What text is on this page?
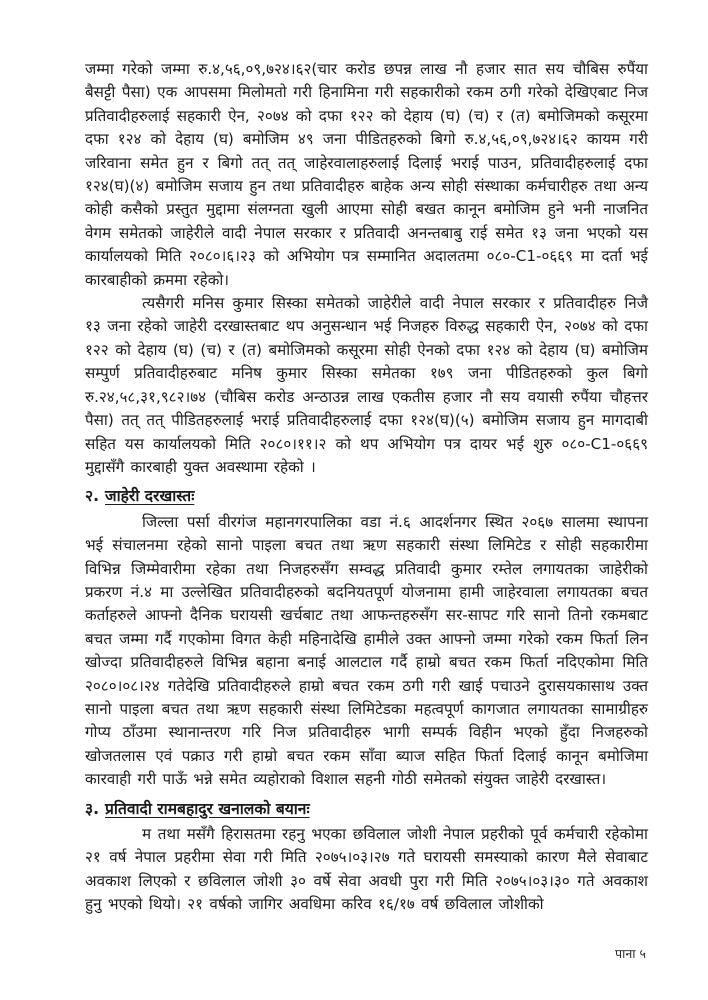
जम्मा गरेको जम्मा रु.४,५६,०९,७२४।६२(चार करोड छपन्न लाख नौ हजार सात सय चौबिस रुपैंया बैसट्टी पैसा) एक आपसमा मिलोमतो गरी हिनामिना गरी सहकारीको रकम ठगी गरेको देखिएबाट निज प्रतिवादीहरुलाई सहकारी ऐन, २०७४ को दफा १२२ को देहाय (घ) (च) र (त) बमोजिमको कसूरमा दफा १२४ को देहाय (घ) बमोजिम ४९ जना पीडितहरुको बिगो रु.४,५६,०९,७२४।६२ कायम गरी जरिवाना समेत हुन र बिगो तत् तत् जाहेरवालाहरुलाई दिलाई भराई पाउन, प्रतिवादीहरुलाई दफा १२४(घ)(४) बमोजिम सजाय हुन तथा प्रतिवादीहरु बाहेक अन्य सोही संस्थाका कर्मचारीहरु तथा अन्य कोही कसैको प्रस्तुत मुद्दामा संलग्नता खुली आएमा सोही बखत कानून बमोजिम हुने भनी नाजनित वेगम समेतको जाहेरीले वादी नेपाल सरकार र प्रतिवादी अनन्तबाबु राई समेत १३ जना भएको यस कार्यालयको मिति २०८०।६।२३ को अभियोग पत्र सम्मानित अदालतमा ०८०-C1-०६६९ मा दर्ता भई कारबाहीको क्रममा रहेको।

त्यसैगरी मनिस कुमार सिस्का समेतको जाहेरीले वादी नेपाल सरकार र प्रतिवादीहरु निजै १३ जना रहेको जाहेरी दरखास्तबाट थप अनुसन्धान भई निजहरु विरुद्ध सहकारी ऐन, २०७४ को दफा १२२ को देहाय (घ) (च) र (त) बमोजिमको कसूरमा सोही ऐनको दफा १२४ को देहाय (घ) बमोजिम सम्पुर्ण प्रतिवादीहरुबाट मनिष कुमार सिस्का समेतका १७९ जना पीडितहरुको कुल बिगो रु.२४,५८,३१,९८२।७४ (चौबिस करोड अन्ठाउन्न लाख एकतीस हजार नौ सय वयासी रुपैंया चौहत्तर पैसा) तत् तत् पीडितहरुलाई भराई प्रतिवादीहरुलाई दफा १२४(घ)(५) बमोजिम सजाय हुन मागदाबी सहित यस कार्यालयको मिति २०८०।११।२ को थप अभियोग पत्र दायर भई शुरु ०८०-C1-०६६९ मुद्दासँगै कारबाही युक्त अवस्थामा रहेको ।

२. जाहेरी दरखास्तः

जिल्ला पर्सा वीरगंज महानगरपालिका वडा नं.६ आदर्शनगर स्थित २०६७ सालमा स्थापना भई संचालनमा रहेको सानो पाइला बचत तथा ऋण सहकारी संस्था लिमिटेड र सोही सहकारीमा विभिन्न जिम्मेवारीमा रहेका तथा निजहरुसँग सम्वद्ध प्रतिवादी कुमार रम्तेल लगायतका जाहेरीको प्रकरण नं.४ मा उल्लेखित प्रतिवादीहरुको बदनियतपूर्ण योजनामा हामी जाहेरवाला लगायतका बचत कर्ताहरुले आफ्नो दैनिक घरायसी खर्चबाट तथा आफन्तहरुसँग सर-सापट गरि सानो तिनो रकमबाट बचत जम्मा गर्दै गएकोमा विगत केही महिनादेखि हामीले उक्त आफ्नो जम्मा गरेको रकम फिर्ता लिन खोज्दा प्रतिवादीहरुले विभिन्न बहाना बनाई आलटाल गर्दै हाम्रो बचत रकम फिर्ता नदिएकोमा मिति २०८०।०८।२४ गतेदेखि प्रतिवादीहरुले हाम्रो बचत रकम ठगी गरी खाई पचाउने दुरासयकासाथ उक्त सानो पाइला बचत तथा ऋण सहकारी संस्था लिमिटेडका महत्वपूर्ण कागजात लगायतका सामाग्रीहरु गोप्य ठाँउमा स्थानान्तरण गरि निज प्रतिवादीहरु भागी सम्पर्क विहीन भएको हुँदा निजहरुको खोजतलास एवं पक्राउ गरी हाम्रो बचत रकम साँवा ब्याज सहित फिर्ता दिलाई कानून बमोजिमा कारवाही गरी पाऊँ भन्ने समेत व्यहोराको विशाल सहनी गोठी समेतको संयुक्त जाहेरी दरखास्त।

३. प्रतिवादी रामबहादुर खनालको बयानः

म तथा मसँगै हिरासतमा रहनु भएका छविलाल जोशी नेपाल प्रहरीको पूर्व कर्मचारी रहेकोमा २१ वर्ष नेपाल प्रहरीमा सेवा गरी मिति २०७५।०३।२७ गते घरायसी समस्याको कारण मैले सेवाबाट अवकाश लिएको र छविलाल जोशी ३० वर्षे सेवा अवधी पुरा गरी मिति २०७५।०३।३० गते अवकाश हुनु भएको थियो। २१ वर्षको जागिर अवधिमा करिव १६/१७ वर्ष छविलाल जोशीको

पाना ५
